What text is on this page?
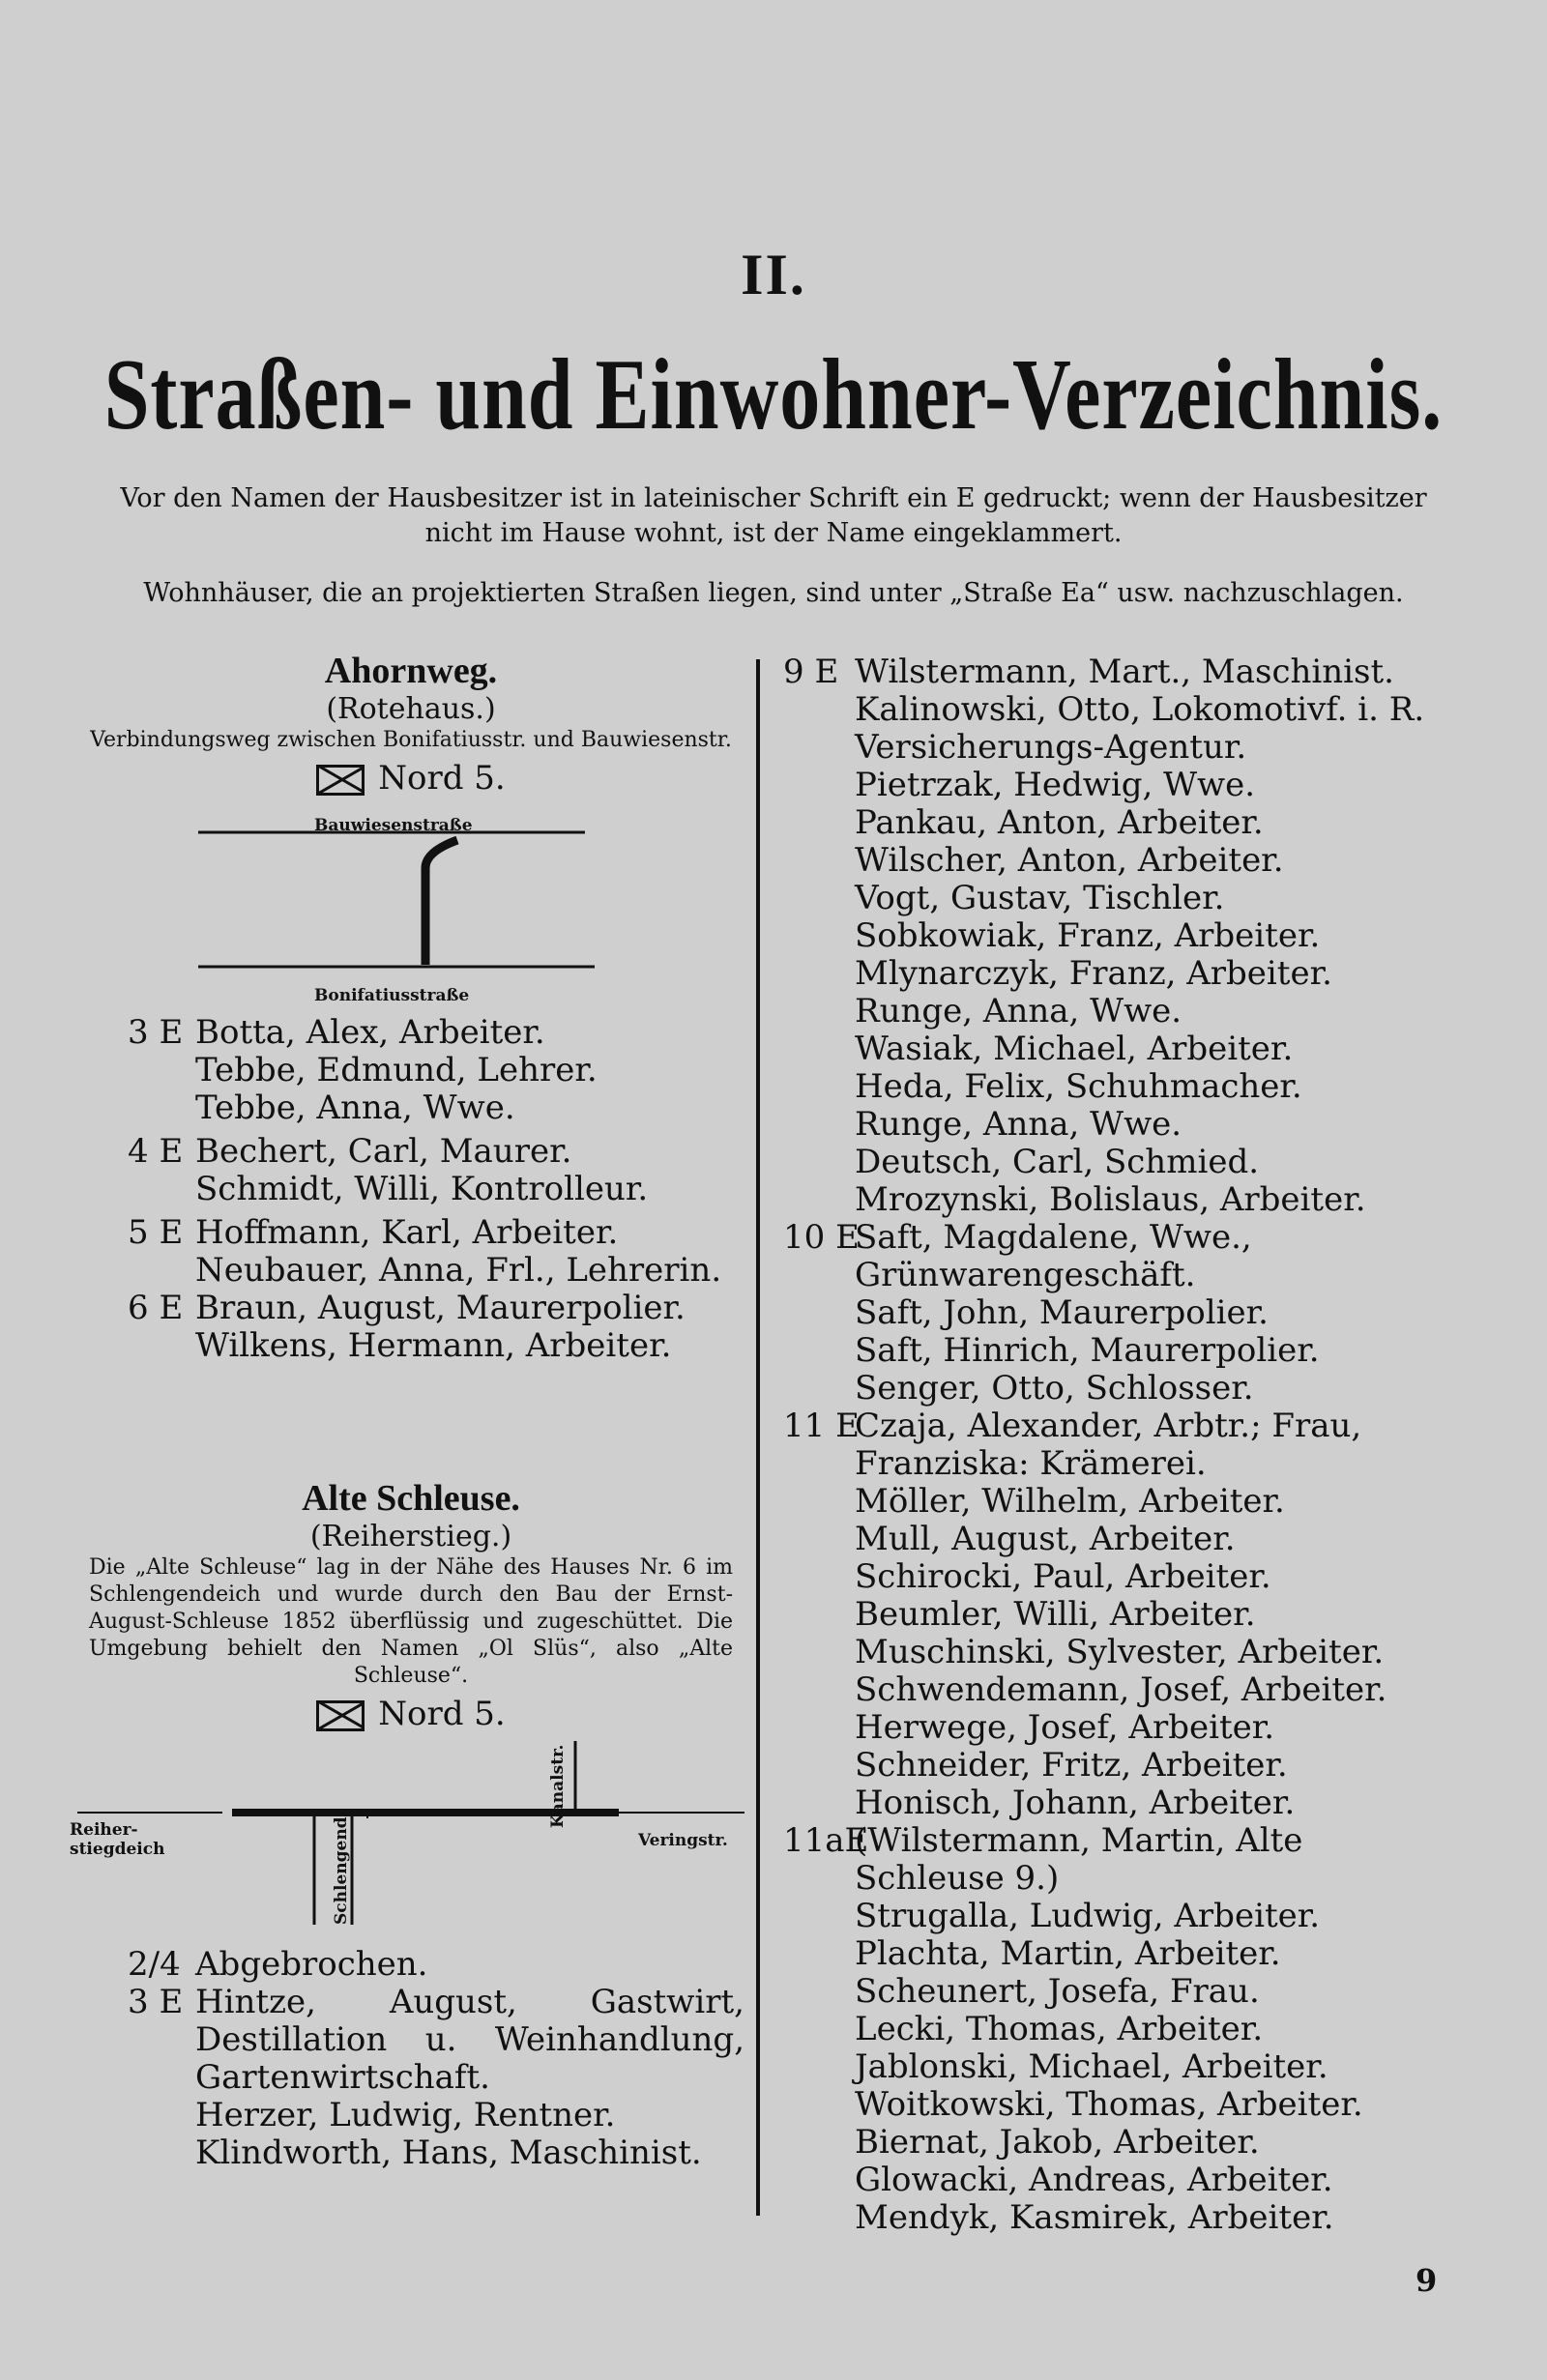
II.
Straßen- und Einwohner-Verzeichnis.
Vor den Namen der Hausbesitzer ist in lateinischer Schrift ein E gedruckt; wenn der Hausbesitzer nicht im Hause wohnt, ist der Name eingeklammert.
Wohnhäuser, die an projektierten Straßen liegen, sind unter „Straße Ea“ usw. nachzuschlagen.
Ahornweg.
(Rotehaus.)
Verbindungsweg zwischen Bonifatiusstr. und Bauwiesenstr.
Nord 5.
Bauwiesenstraße
Bonifatiusstraße
3 E Botta, Alex, Arbeiter.
Tebbe, Edmund, Lehrer.
Tebbe, Anna, Wwe.
4 E Bechert, Carl, Maurer.
Schmidt, Willi, Kontrolleur.
5 E Hoffmann, Karl, Arbeiter.
Neubauer, Anna, Frl., Lehrerin.
6 E Braun, August, Maurerpolier.
Wilkens, Hermann, Arbeiter.
Alte Schleuse.
(Reiherstieg.)
Die „Alte Schleuse“ lag in der Nähe des Hauses Nr. 6 im Schlengendeich und wurde durch den Bau der Ernst-August-Schleuse 1852 überflüssig und zugeschüttet. Die Umgebung behielt den Namen „Ol Slüs“, also „Alte Schleuse“.
Nord 5.
Reiher- stiegdeich
Kanalstr.
Veringstr.
Schlengend.
2/4 Abgebrochen.
3 E Hintze, August, Gastwirt, Destillation u. Weinhandlung, Gartenwirtschaft.
Herzer, Ludwig, Rentner.
Klindworth, Hans, Maschinist.
9 E Wilstermann, Mart., Maschinist.
Kalinowski, Otto, Lokomotivf. i. R. Versicherungs-Agentur.
Pietrzak, Hedwig, Wwe.
Pankau, Anton, Arbeiter.
Wilscher, Anton, Arbeiter.
Vogt, Gustav, Tischler.
Sobkowiak, Franz, Arbeiter.
Mlynarczyk, Franz, Arbeiter.
Runge, Anna, Wwe.
Wasiak, Michael, Arbeiter.
Heda, Felix, Schuhmacher.
Runge, Anna, Wwe.
Deutsch, Carl, Schmied.
Mrozynski, Bolislaus, Arbeiter.
10 E
Saft, Magdalene, Wwe., Grünwarengeschäft.
Saft, John, Maurerpolier.
Saft, Hinrich, Maurerpolier.
Senger, Otto, Schlosser.
11 E
Czaja, Alexander, Arbtr.; Frau, Franziska: Krämerei.
Möller, Wilhelm, Arbeiter.
Mull, August, Arbeiter.
Schirocki, Paul, Arbeiter.
Beumler, Willi, Arbeiter.
Muschinski, Sylvester, Arbeiter.
Schwendemann, Josef, Arbeiter.
Herwege, Josef, Arbeiter.
Schneider, Fritz, Arbeiter.
Honisch, Johann, Arbeiter.
11aE
(Wilstermann, Martin, Alte Schleuse 9.)
Strugalla, Ludwig, Arbeiter.
Plachta, Martin, Arbeiter.
Scheunert, Josefa, Frau.
Lecki, Thomas, Arbeiter.
Jablonski, Michael, Arbeiter.
Woitkowski, Thomas, Arbeiter.
Biernat, Jakob, Arbeiter.
Glowacki, Andreas, Arbeiter.
Mendyk, Kasmirek, Arbeiter.
9
